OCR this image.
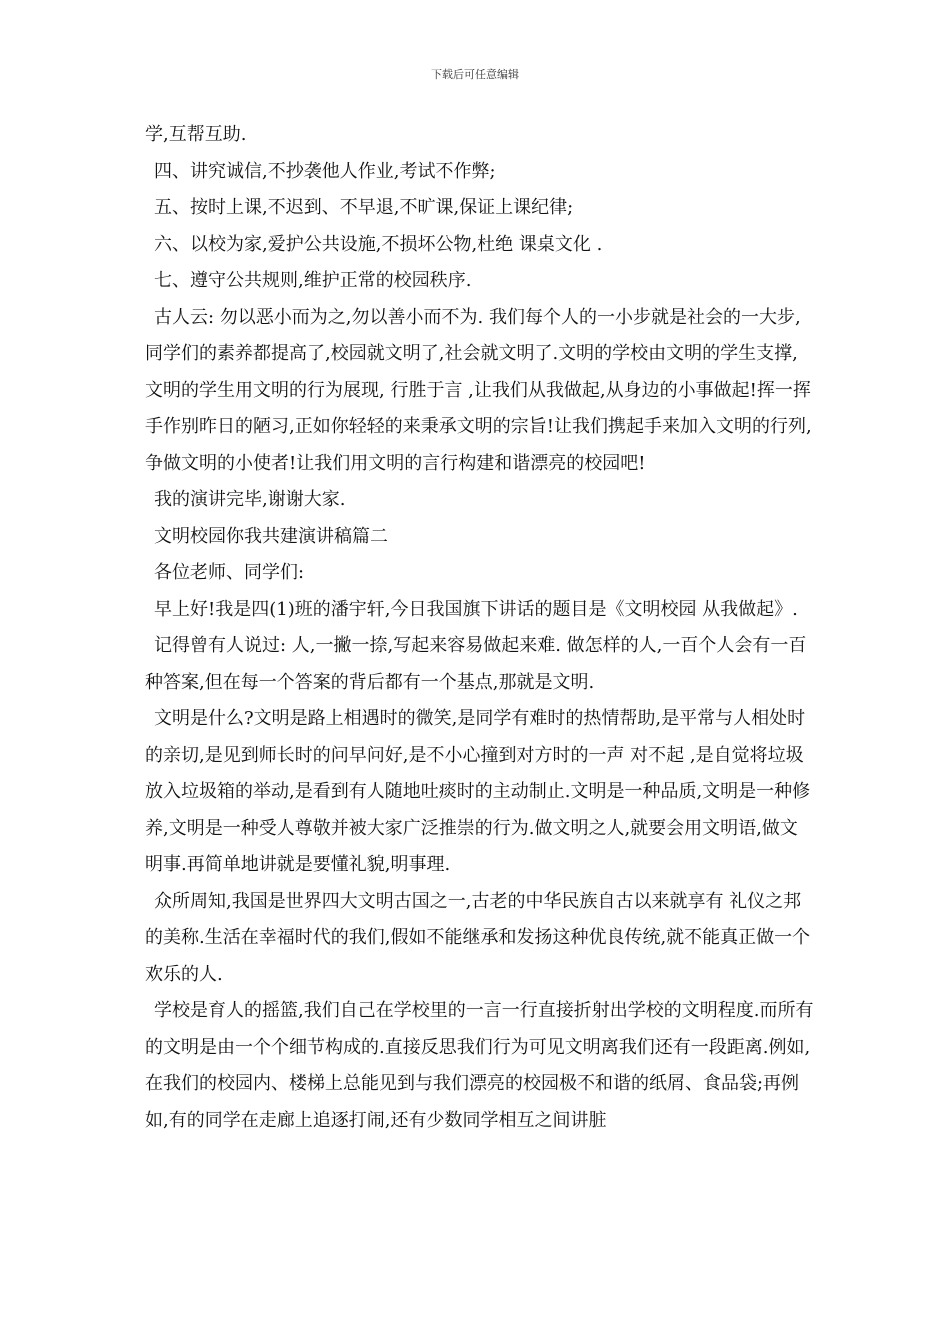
下载后可任意编辑

学,互帮互助.

四、讲究诚信,不抄袭他人作业,考试不作弊;

五、按时上课,不迟到、不早退,不旷课,保证上课纪律;

六、以校为家,爱护公共设施,不损坏公物,杜绝 课桌文化 .

七、遵守公共规则,维护正常的校园秩序.

古人云: 勿以恶小而为之,勿以善小而不为. 我们每个人的一小步就是社会的一大步,同学们的素养都提高了,校园就文明了,社会就文明了.文明的学校由文明的学生支撑,文明的学生用文明的行为展现, 行胜于言 ,让我们从我做起,从身边的小事做起!挥一挥手作别昨日的陋习,正如你轻轻的来秉承文明的宗旨!让我们携起手来加入文明的行列,争做文明的小使者!让我们用文明的言行构建和谐漂亮的校园吧!

我的演讲完毕,谢谢大家.

文明校园你我共建演讲稿篇二

各位老师、同学们:

早上好!我是四(1)班的潘宇轩,今日我国旗下讲话的题目是《文明校园 从我做起》.

记得曾有人说过: 人,一撇一捺,写起来容易做起来难. 做怎样的人,一百个人会有一百种答案,但在每一个答案的背后都有一个基点,那就是文明.

文明是什么?文明是路上相遇时的微笑,是同学有难时的热情帮助,是平常与人相处时的亲切,是见到师长时的问早问好,是不小心撞到对方时的一声 对不起 ,是自觉将垃圾放入垃圾箱的举动,是看到有人随地吐痰时的主动制止.文明是一种品质,文明是一种修养,文明是一种受人尊敬并被大家广泛推崇的行为.做文明之人,就要会用文明语,做文明事.再简单地讲就是要懂礼貌,明事理.

众所周知,我国是世界四大文明古国之一,古老的中华民族自古以来就享有 礼仪之邦 的美称.生活在幸福时代的我们,假如不能继承和发扬这种优良传统,就不能真正做一个欢乐的人.

学校是育人的摇篮,我们自己在学校里的一言一行直接折射出学校的文明程度.而所有的文明是由一个个细节构成的.直接反思我们行为可见文明离我们还有一段距离.例如,在我们的校园内、楼梯上总能见到与我们漂亮的校园极不和谐的纸屑、食品袋;再例如,有的同学在走廊上追逐打闹,还有少数同学相互之间讲脏
